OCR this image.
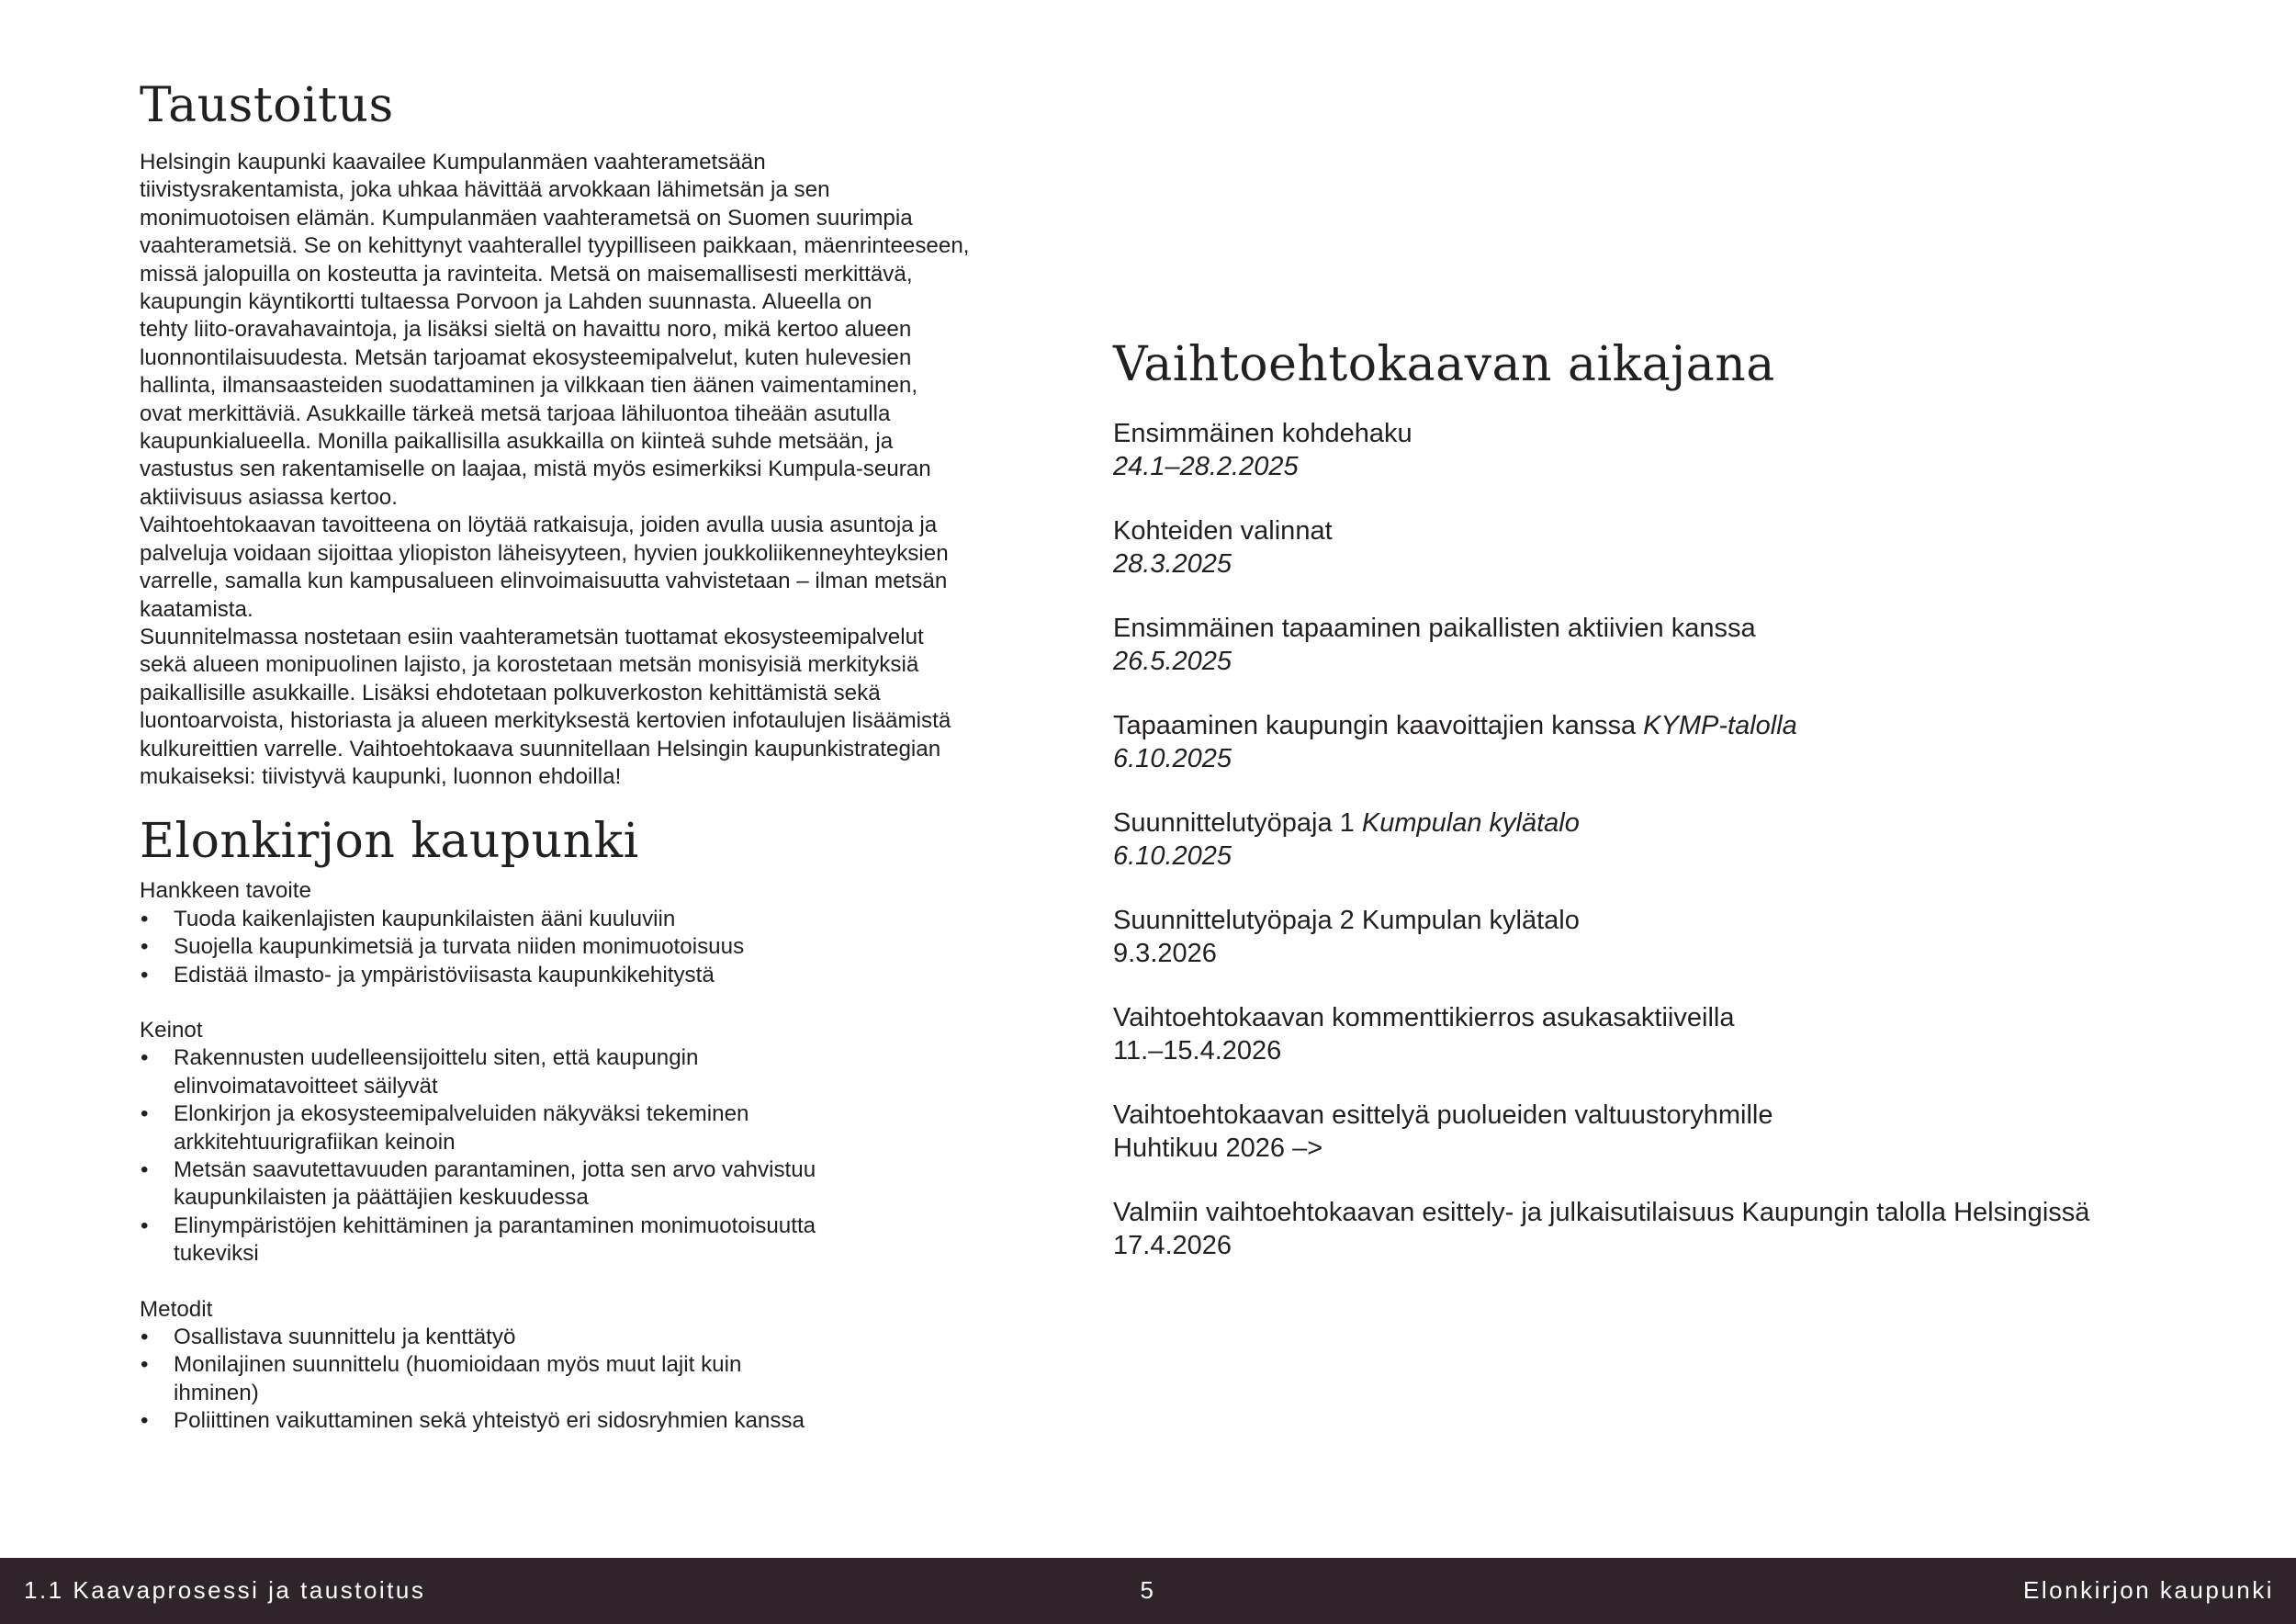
Taustoitus

Helsingin kaupunki kaavailee Kumpulanmäen vaahterametsään
tiivistysrakentamista, joka uhkaa hävittää arvokkaan lähimetsän ja sen
monimuotoisen elämän. Kumpulanmäen vaahterametsä on Suomen suurimpia
vaahterametsiä. Se on kehittynyt vaahterallel tyypilliseen paikkaan, mäenrinteeseen,
missä jalopuilla on kosteutta ja ravinteita. Metsä on maisemallisesti merkittävä,
kaupungin käyntikortti tultaessa Porvoon ja Lahden suunnasta. Alueella on
tehty liito-oravahavaintoja, ja lisäksi sieltä on havaittu noro, mikä kertoo alueen
luonnontilaisuudesta. Metsän tarjoamat ekosysteemipalvelut, kuten hulevesien
hallinta, ilmansaasteiden suodattaminen ja vilkkaan tien äänen vaimentaminen,
ovat merkittäviä. Asukkaille tärkeä metsä tarjoaa lähiluontoa tiheään asutulla
kaupunkialueella. Monilla paikallisilla asukkailla on kiinteä suhde metsään, ja
vastustus sen rakentamiselle on laajaa, mistä myös esimerkiksi Kumpula-seuran
aktiivisuus asiassa kertoo.

Vaihtoehtokaavan tavoitteena on löytää ratkaisuja, joiden avulla uusia asuntoja ja
palveluja voidaan sijoittaa yliopiston läheisyyteen, hyvien joukkoliikenneyhteyksien
varrelle, samalla kun kampusalueen elinvoimaisuutta vahvistetaan – ilman metsän
kaatamista.

Suunnitelmassa nostetaan esiin vaahterametsän tuottamat ekosysteemipalvelut
sekä alueen monipuolinen lajisto, ja korostetaan metsän monisyisiä merkityksiä
paikallisille asukkaille. Lisäksi ehdotetaan polkuverkoston kehittämistä sekä
luontoarvoista, historiasta ja alueen merkityksestä kertovien infotaulujen lisäämistä
kulkureittien varrelle. Vaihtoehtokaava suunnitellaan Helsingin kaupunkistrategian
mukaiseksi: tiivistyvä kaupunki, luonnon ehdoilla!

Elonkirjon kaupunki

Hankkeen tavoite

• Tuoda kaikenlajisten kaupunkilaisten ääni kuuluviin
• Suojella kaupunkimetsiä ja turvata niiden monimuotoisuus
• Edistää ilmasto- ja ympäristöviisasta kaupunkikehitystä

Keinot

• Rakennusten uudelleensijoittelu siten, että kaupungin
elinvoimatavoitteet säilyvät
• Elonkirjon ja ekosysteemipalveluiden näkyväksi tekeminen
arkkitehtuurigrafiikan keinoin
• Metsän saavutettavuuden parantaminen, jotta sen arvo vahvistuu
kaupunkilaisten ja päättäjien keskuudessa
• Elinympäristöjen kehittäminen ja parantaminen monimuotoisuutta
tukeviksi

Metodit

• Osallistava suunnittelu ja kenttätyö
• Monilajinen suunnittelu (huomioidaan myös muut lajit kuin
ihminen)
• Poliittinen vaikuttaminen sekä yhteistyö eri sidosryhmien kanssa
Vaihtoehtokaavan aikajana
Ensimmäinen kohdehaku
24.1–28.2.2025
Kohteiden valinnat
28.3.2025
Ensimmäinen tapaaminen paikallisten aktiivien kanssa
26.5.2025
Tapaaminen kaupungin kaavoittajien kanssa KYMP-talolla
6.10.2025
Suunnittelutyöpaja 1 Kumpulan kylätalo
6.10.2025
Suunnittelutyöpaja 2 Kumpulan kylätalo
9.3.2026
Vaihtoehtokaavan kommenttikierros asukasaktiiveilla
11.–15.4.2026
Vaihtoehtokaavan esittelyä puolueiden valtuustoryhmille
Huhtikuu 2026 –>
Valmiin vaihtoehtokaavan esittely- ja julkaisutilaisuus Kaupungin talolla Helsingissä
17.4.2026
1.1 Kaavaprosessi ja taustoitus	5	Elonkirjon kaupunki
